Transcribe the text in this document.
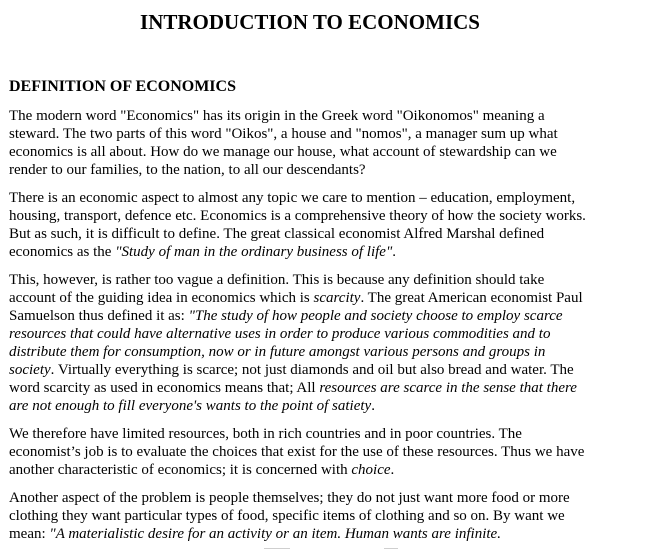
INTRODUCTION TO ECONOMICS
DEFINITION OF ECONOMICS

The modern word "Economics" has its origin in the Greek word "Oikonomos" meaning a
steward. The two parts of this word "Oikos", a house and "nomos", a manager sum up what
economics is all about. How do we manage our house, what account of stewardship can we
render to our families, to the nation, to all our descendants?

There is an economic aspect to almost any topic we care to mention – education, employment,
housing, transport, defence etc. Economics is a comprehensive theory of how the society works.
But as such, it is difficult to define. The great classical economist Alfred Marshal defined
economics as the "Study of man in the ordinary business of life".

This, however, is rather too vague a definition. This is because any definition should take
account of the guiding idea in economics which is scarcity. The great American economist Paul
Samuelson thus defined it as: "The study of how people and society choose to employ scarce
resources that could have alternative uses in order to produce various commodities and to
distribute them for consumption, now or in future amongst various persons and groups in
society. Virtually everything is scarce; not just diamonds and oil but also bread and water. The
word scarcity as used in economics means that; All resources are scarce in the sense that there
are not enough to fill everyone's wants to the point of satiety.

We therefore have limited resources, both in rich countries and in poor countries. The
economist’s job is to evaluate the choices that exist for the use of these resources. Thus we have
another characteristic of economics; it is concerned with choice.

Another aspect of the problem is people themselves; they do not just want more food or more
clothing they want particular types of food, specific items of clothing and so on. By want we
mean: "A materialistic desire for an activity or an item. Human wants are infinite.
